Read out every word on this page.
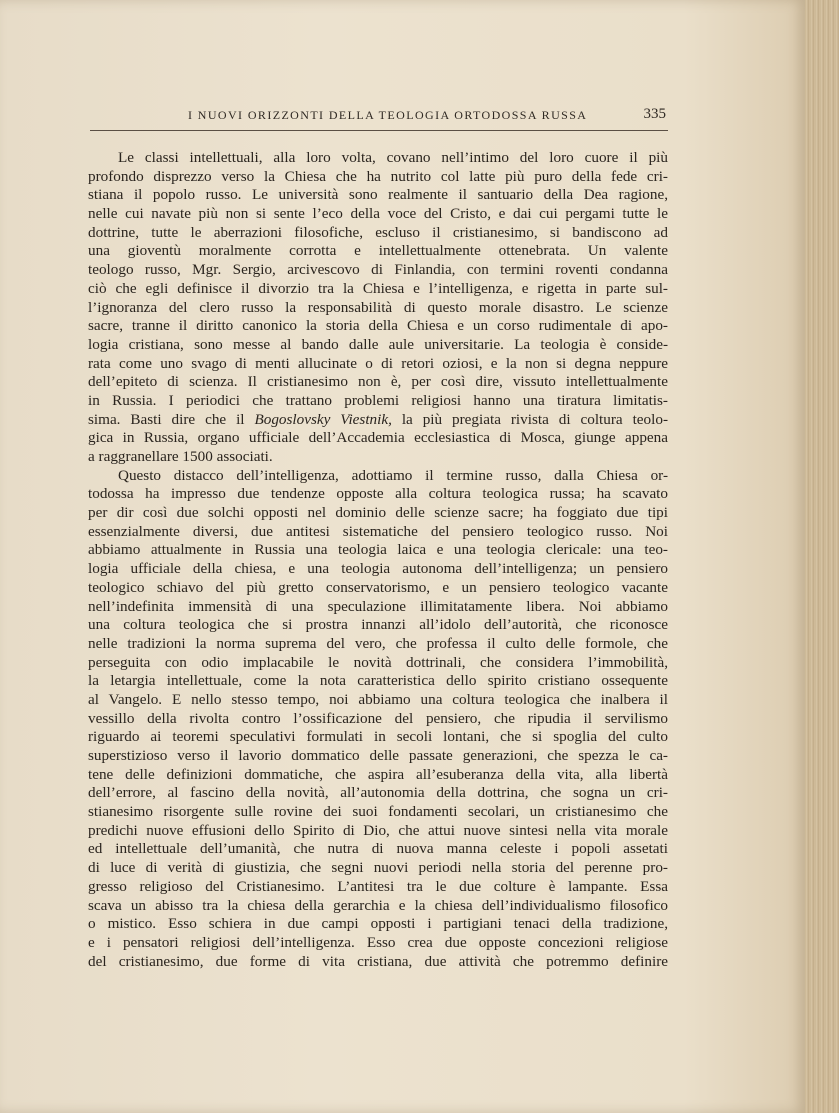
I NUOVI ORIZZONTI DELLA TEOLOGIA ORTODOSSA RUSSA	335
Le classi intellettuali, alla loro volta, covano nell’intimo del loro cuore il più
profondo disprezzo verso la Chiesa che ha nutrito col latte più puro della fede cri-
stiana il popolo russo. Le università sono realmente il santuario della Dea ragione,
nelle cui navate più non si sente l’eco della voce del Cristo, e dai cui pergami tutte le
dottrine, tutte le aberrazioni filosofiche, escluso il cristianesimo, si bandiscono ad
una gioventù moralmente corrotta e intellettualmente ottenebrata. Un valente
teologo russo, Mgr. Sergio, arcivescovo di Finlandia, con termini roventi condanna
ciò che egli definisce il divorzio tra la Chiesa e l’intelligenza, e rigetta in parte sul-
l’ignoranza del clero russo la responsabilità di questo morale disastro. Le scienze
sacre, tranne il diritto canonico la storia della Chiesa e un corso rudimentale di apo-
logia cristiana, sono messe al bando dalle aule universitarie. La teologia è conside-
rata come uno svago di menti allucinate o di retori oziosi, e la non si degna neppure
dell’epiteto di scienza. Il cristianesimo non è, per così dire, vissuto intellettualmente
in Russia. I periodici che trattano problemi religiosi hanno una tiratura limitatis-
sima. Basti dire che il Bogoslovsky Viestnik, la più pregiata rivista di coltura teolo-
gica in Russia, organo ufficiale dell’Accademia ecclesiastica di Mosca, giunge appena
a raggranellare 1500 associati.
Questo distacco dell’intelligenza, adottiamo il termine russo, dalla Chiesa or-
todossa ha impresso due tendenze opposte alla coltura teologica russa; ha scavato
per dir così due solchi opposti nel dominio delle scienze sacre; ha foggiato due tipi
essenzialmente diversi, due antitesi sistematiche del pensiero teologico russo. Noi
abbiamo attualmente in Russia una teologia laica e una teologia clericale: una teo-
logia ufficiale della chiesa, e una teologia autonoma dell’intelligenza; un pensiero
teologico schiavo del più gretto conservatorismo, e un pensiero teologico vacante
nell’indefinita immensità di una speculazione illimitatamente libera. Noi abbiamo
una coltura teologica che si prostra innanzi all’idolo dell’autorità, che riconosce
nelle tradizioni la norma suprema del vero, che professa il culto delle formole, che
perseguita con odio implacabile le novità dottrinali, che considera l’immobilità,
la letargia intellettuale, come la nota caratteristica dello spirito cristiano ossequente
al Vangelo. E nello stesso tempo, noi abbiamo una coltura teologica che inalbera il
vessillo della rivolta contro l’ossificazione del pensiero, che ripudia il servilismo
riguardo ai teoremi speculativi formulati in secoli lontani, che si spoglia del culto
superstizioso verso il lavorio dommatico delle passate generazioni, che spezza le ca-
tene delle definizioni dommatiche, che aspira all’esuberanza della vita, alla libertà
dell’errore, al fascino della novità, all’autonomia della dottrina, che sogna un cri-
stianesimo risorgente sulle rovine dei suoi fondamenti secolari, un cristianesimo che
predichi nuove effusioni dello Spirito di Dio, che attui nuove sintesi nella vita morale
ed intellettuale dell’umanità, che nutra di nuova manna celeste i popoli assetati
di luce di verità di giustizia, che segni nuovi periodi nella storia del perenne pro-
gresso religioso del Cristianesimo. L’antitesi tra le due colture è lampante. Essa
scava un abisso tra la chiesa della gerarchia e la chiesa dell’individualismo filosofico
o mistico. Esso schiera in due campi opposti i partigiani tenaci della tradizione,
e i pensatori religiosi dell’intelligenza. Esso crea due opposte concezioni religiose
del cristianesimo, due forme di vita cristiana, due attività che potremmo definire
